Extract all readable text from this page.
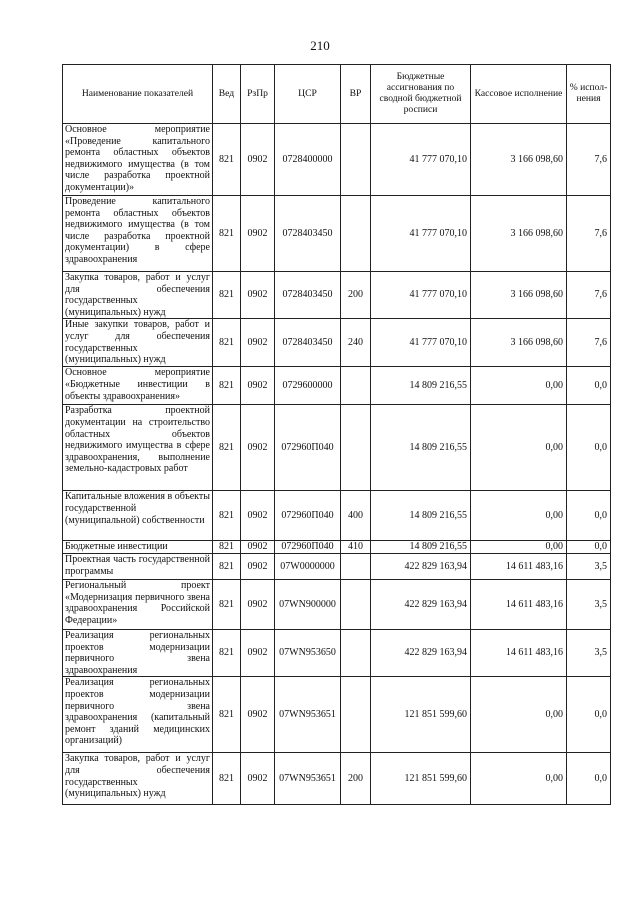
210
Наименование показателей	Вед	РзПр	ЦСР	ВР	Бюджетные ассигнования по сводной бюджетной росписи	Кассовое исполнение	% испол-нения
Основное мероприятие «Проведение капитального ремонта областных объектов недвижимого имущества (в том числе разработка проектной документации)»	821	0902	0728400000		41 777 070,10	3 166 098,60	7,6
Проведение капитального ремонта областных объектов недвижимого имущества (в том числе разработка проектной документации) в сфере здравоохранения	821	0902	0728403450		41 777 070,10	3 166 098,60	7,6
Закупка товаров, работ и услуг для обеспечения государственных (муниципальных) нужд	821	0902	0728403450	200	41 777 070,10	3 166 098,60	7,6
Иные закупки товаров, работ и услуг для обеспечения государственных (муниципальных) нужд	821	0902	0728403450	240	41 777 070,10	3 166 098,60	7,6
Основное мероприятие «Бюджетные инвестиции в объекты здравоохранения»	821	0902	0729600000		14 809 216,55	0,00	0,0
Разработка проектной документации на строительство областных объектов недвижимого имущества в сфере здравоохранения, выполнение земельно-кадастровых работ	821	0902	072960П040		14 809 216,55	0,00	0,0
Капитальные вложения в объекты государственной (муниципальной) собственности	821	0902	072960П040	400	14 809 216,55	0,00	0,0
Бюджетные инвестиции	821	0902	072960П040	410	14 809 216,55	0,00	0,0
Проектная часть государственной программы	821	0902	07W0000000		422 829 163,94	14 611 483,16	3,5
Региональный проект «Модернизация первичного звена здравоохранения Российской Федерации»	821	0902	07WN900000		422 829 163,94	14 611 483,16	3,5
Реализация региональных проектов модернизации первичного звена здравоохранения	821	0902	07WN953650		422 829 163,94	14 611 483,16	3,5
Реализация региональных проектов модернизации первичного звена здравоохранения (капитальный ремонт зданий медицинских организаций)	821	0902	07WN953651		121 851 599,60	0,00	0,0
Закупка товаров, работ и услуг для обеспечения государственных (муниципальных) нужд	821	0902	07WN953651	200	121 851 599,60	0,00	0,0
